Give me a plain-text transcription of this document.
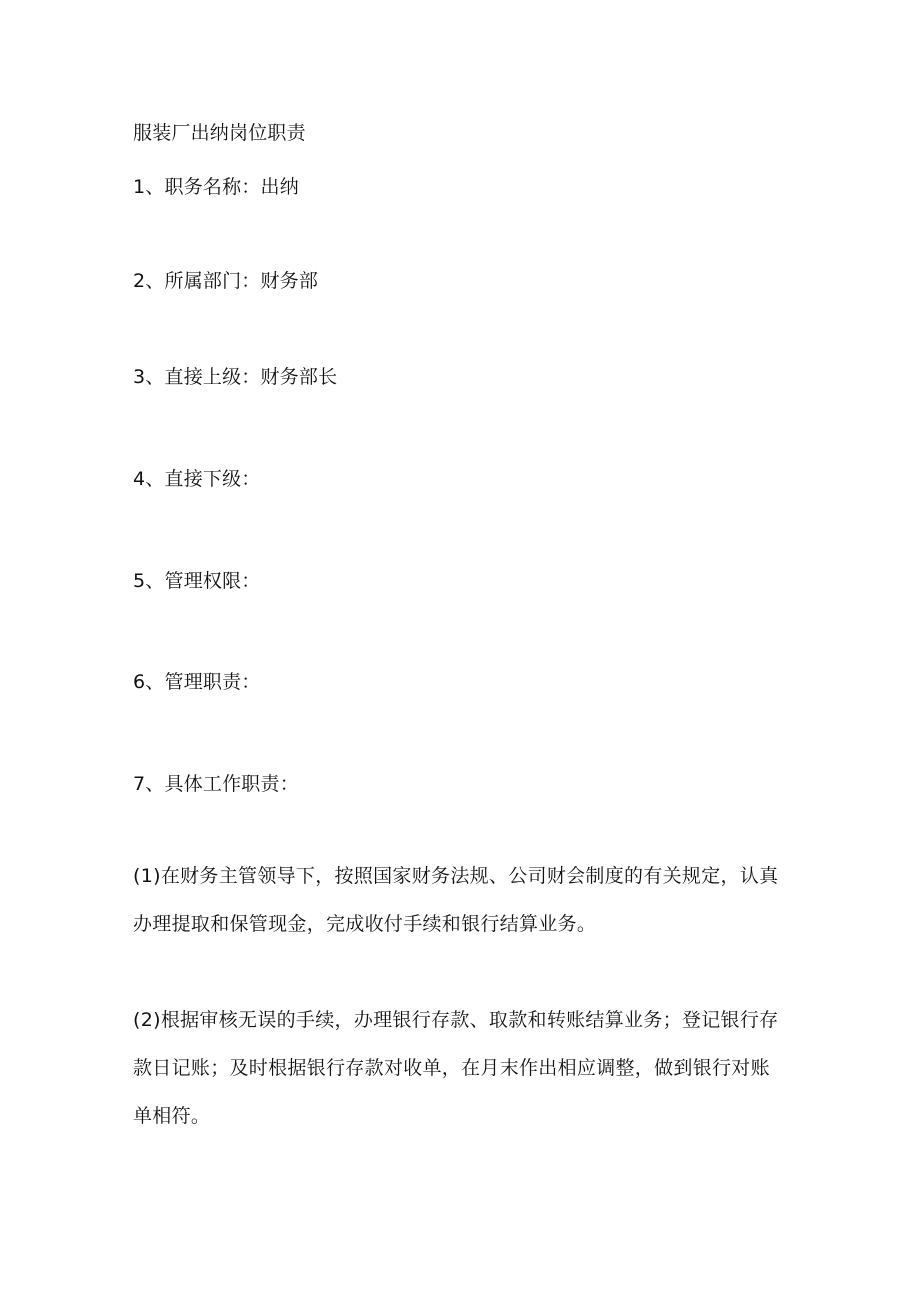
服装厂出纳岗位职责
1、职务名称：出纳
2、所属部门：财务部
3、直接上级：财务部长
4、直接下级：
5、管理权限：
6、管理职责：
7、具体工作职责：
(1)在财务主管领导下，按照国家财务法规、公司财会制度的有关规定，认真
办理提取和保管现金，完成收付手续和银行结算业务。
(2)根据审核无误的手续，办理银行存款、取款和转账结算业务；登记银行存
款日记账；及时根据银行存款对收单，在月末作出相应调整，做到银行对账
单相符。
